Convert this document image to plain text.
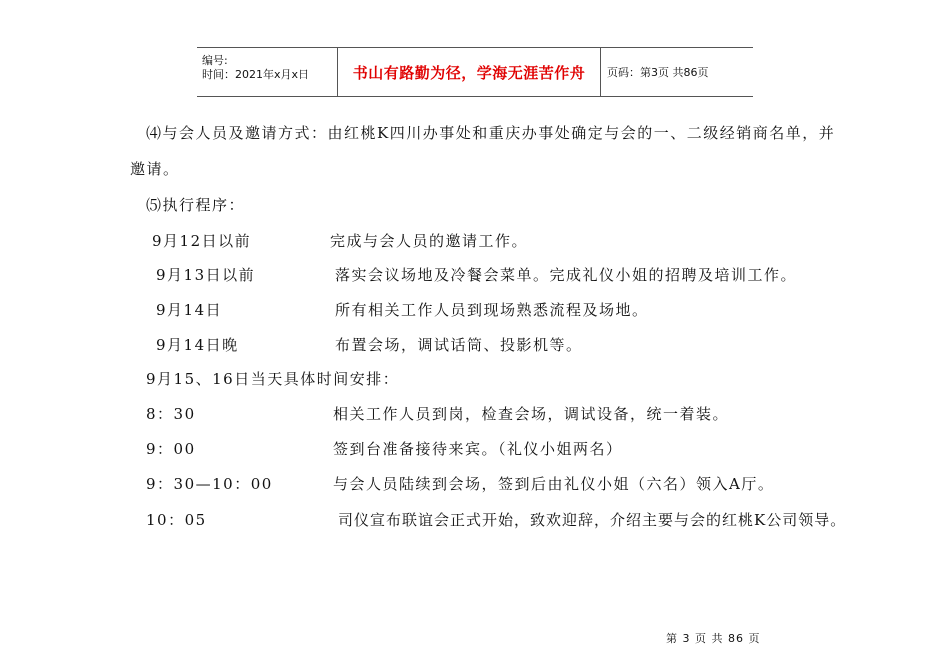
编号:
时间：2021年x月x日	书山有路勤为径，学海无涯苦作舟 页码：第3页 共86页
⑷与会人员及邀请方式：由红桃K四川办事处和重庆办事处确定与会的一、二级经销商名单，并
邀请。
⑸执行程序：
9月12日以前	完成与会人员的邀请工作。
9月13日以前	落实会议场地及冷餐会菜单。完成礼仪小姐的招聘及培训工作。
9月14日	所有相关工作人员到现场熟悉流程及场地。
9月14日晚	布置会场，调试话筒、投影机等。
9月15、16日当天具体时间安排：
8：30	相关工作人员到岗，检查会场，调试设备，统一着装。
9：00	签到台准备接待来宾。（礼仪小姐两名）
9：30—10：00	与会人员陆续到会场，签到后由礼仪小姐（六名）领入A厅。
10：05	司仪宣布联谊会正式开始，致欢迎辞，介绍主要与会的红桃K公司领导。
第 3 页 共 86 页
